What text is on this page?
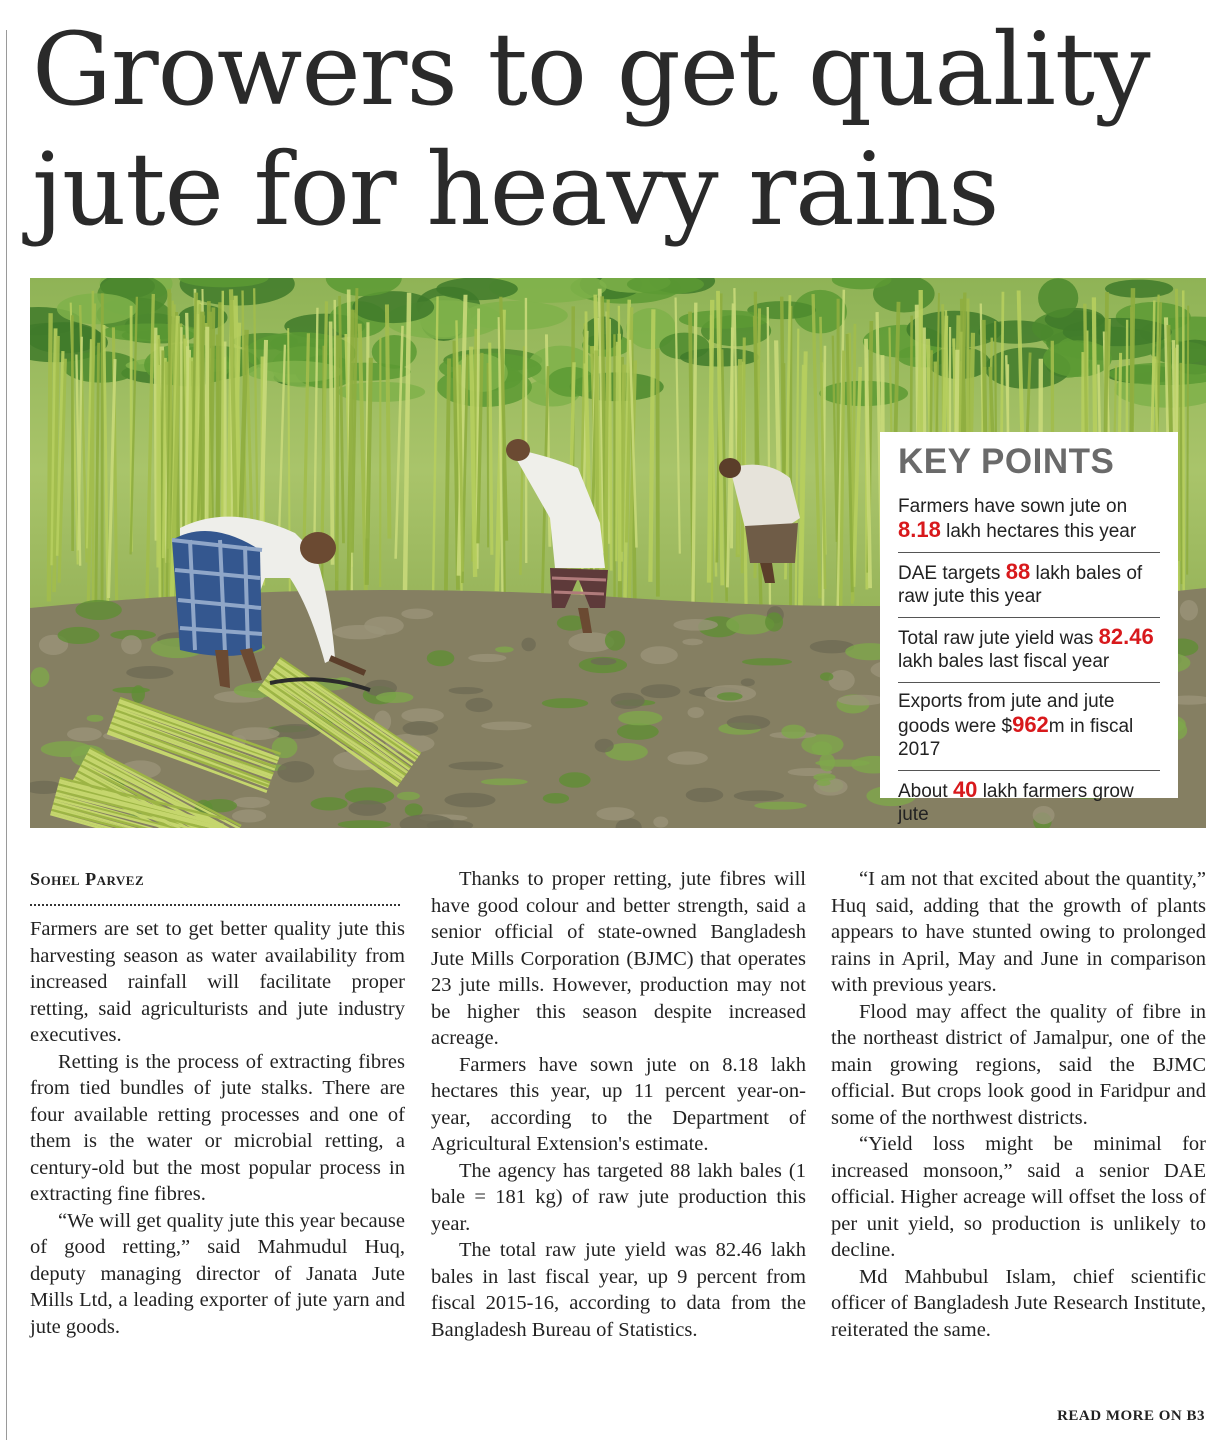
Growers to get quality
jute for heavy rains
KEY POINTS
Farmers have sown jute on 8.18 lakh hectares this year
DAE targets 88 lakh bales of raw jute this year
Total raw jute yield was 82.46 lakh bales last fiscal year
Exports from jute and jute goods were $962m in fiscal 2017
About 40 lakh farmers grow jute
Sohel Parvez

Farmers are set to get better quality jute this harvesting season as water availability from increased rainfall will facilitate proper retting, said agriculturists and jute industry executives.

Retting is the process of extracting fibres from tied bundles of jute stalks. There are four available retting processes and one of them is the water or microbial retting, a century-old but the most popular process in extracting fine fibres.

“We will get quality jute this year because of good retting,” said Mahmudul Huq, deputy managing director of Janata Jute Mills Ltd, a leading exporter of jute yarn and jute goods.

Thanks to proper retting, jute fibres will have good colour and better strength, said a senior official of state-owned Bangladesh Jute Mills Corporation (BJMC) that operates 23 jute mills. However, production may not be higher this season despite increased acreage.

Farmers have sown jute on 8.18 lakh hectares this year, up 11 percent year-on-year, according to the Department of Agricultural Extension's estimate.

The agency has targeted 88 lakh bales (1 bale = 181 kg) of raw jute production this year.

The total raw jute yield was 82.46 lakh bales in last fiscal year, up 9 percent from fiscal 2015-16, according to data from the Bangladesh Bureau of Statistics.

“I am not that excited about the quantity,” Huq said, adding that the growth of plants appears to have stunted owing to prolonged rains in April, May and June in comparison with previous years.

Flood may affect the quality of fibre in the northeast district of Jamalpur, one of the main growing regions, said the BJMC official. But crops look good in Faridpur and some of the northwest districts.

“Yield loss might be minimal for increased monsoon,” said a senior DAE official. Higher acreage will offset the loss of per unit yield, so production is unlikely to decline.

Md Mahbubul Islam, chief scientific officer of Bangladesh Jute Research Institute, reiterated the same.

READ MORE ON B3
